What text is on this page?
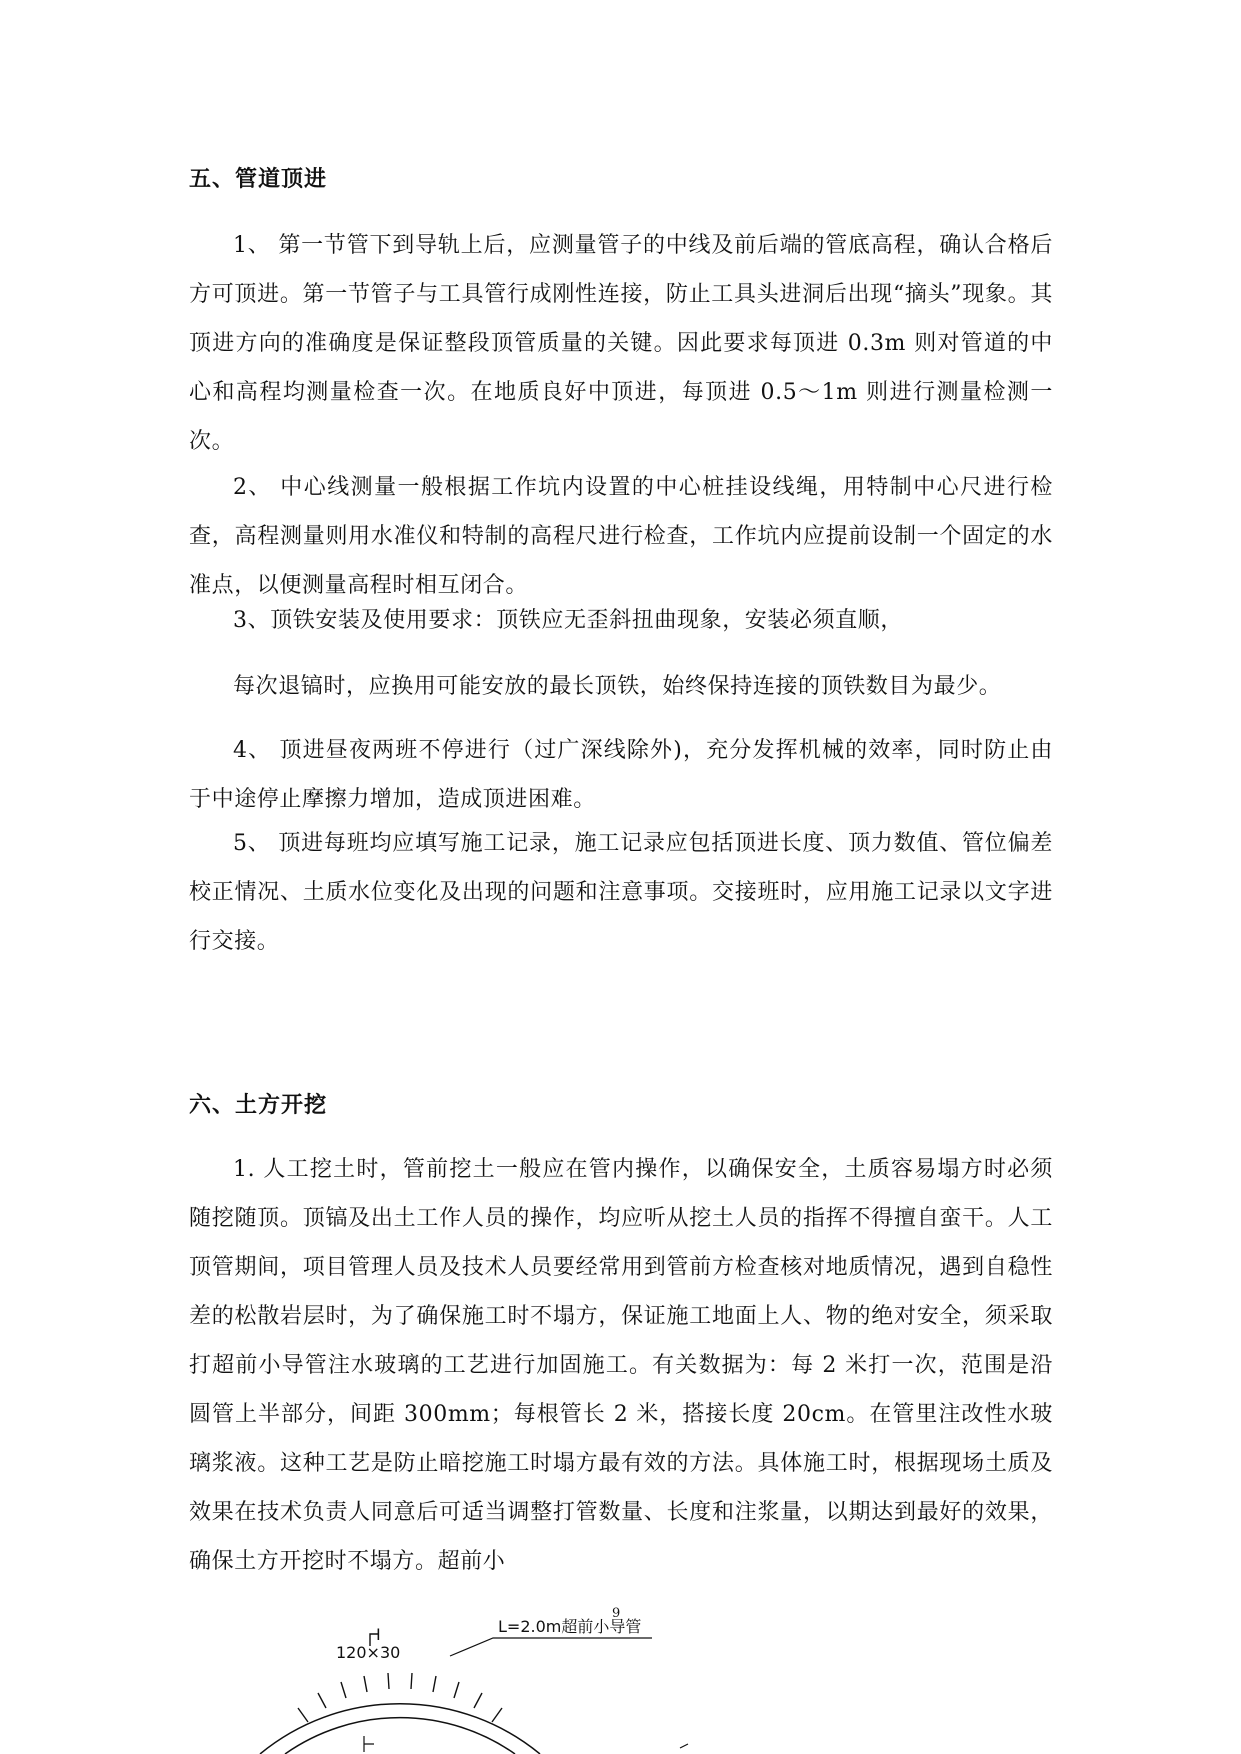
五、管道顶进
1、 第一节管下到导轨上后，应测量管子的中线及前后端的管底高程，确认合格后方可顶进。第一节管子与工具管行成刚性连接，防止工具头进洞后出现“摘头”现象。其顶进方向的准确度是保证整段顶管质量的关键。因此要求每顶进 0.3m 则对管道的中心和高程均测量检查一次。在地质良好中顶进，每顶进 0.5～1m 则进行测量检测一次。
2、 中心线测量一般根据工作坑内设置的中心桩挂设线绳，用特制中心尺进行检查，高程测量则用水准仪和特制的高程尺进行检查，工作坑内应提前设制一个固定的水准点，以便测量高程时相互闭合。
3、顶铁安装及使用要求：顶铁应无歪斜扭曲现象，安装必须直顺，
每次退镐时，应换用可能安放的最长顶铁，始终保持连接的顶铁数目为最少。
4、 顶进昼夜两班不停进行（过广深线除外)，充分发挥机械的效率，同时防止由于中途停止摩擦力增加，造成顶进困难。
5、 顶进每班均应填写施工记录，施工记录应包括顶进长度、顶力数值、管位偏差校正情况、土质水位变化及出现的问题和注意事项。交接班时，应用施工记录以文字进行交接。
六、土方开挖
1. 人工挖土时，管前挖土一般应在管内操作，以确保安全，土质容易塌方时必须随挖随顶。顶镐及出土工作人员的操作，均应听从挖土人员的指挥不得擅自蛮干。人工顶管期间，项目管理人员及技术人员要经常用到管前方检查核对地质情况，遇到自稳性差的松散岩层时，为了确保施工时不塌方，保证施工地面上人、物的绝对安全，须采取打超前小导管注水玻璃的工艺进行加固施工。有关数据为：每 2 米打一次，范围是沿圆管上半部分，间距 300mm；每根管长 2 米，搭接长度 20cm。在管里注改性水玻璃浆液。这种工艺是防止暗挖施工时塌方最有效的方法。具体施工时，根据现场土质及效果在技术负责人同意后可适当调整打管数量、长度和注浆量，以期达到最好的效果，确保土方开挖时不塌方。超前小
9
I
120×30
L=2.0m超前小导管
